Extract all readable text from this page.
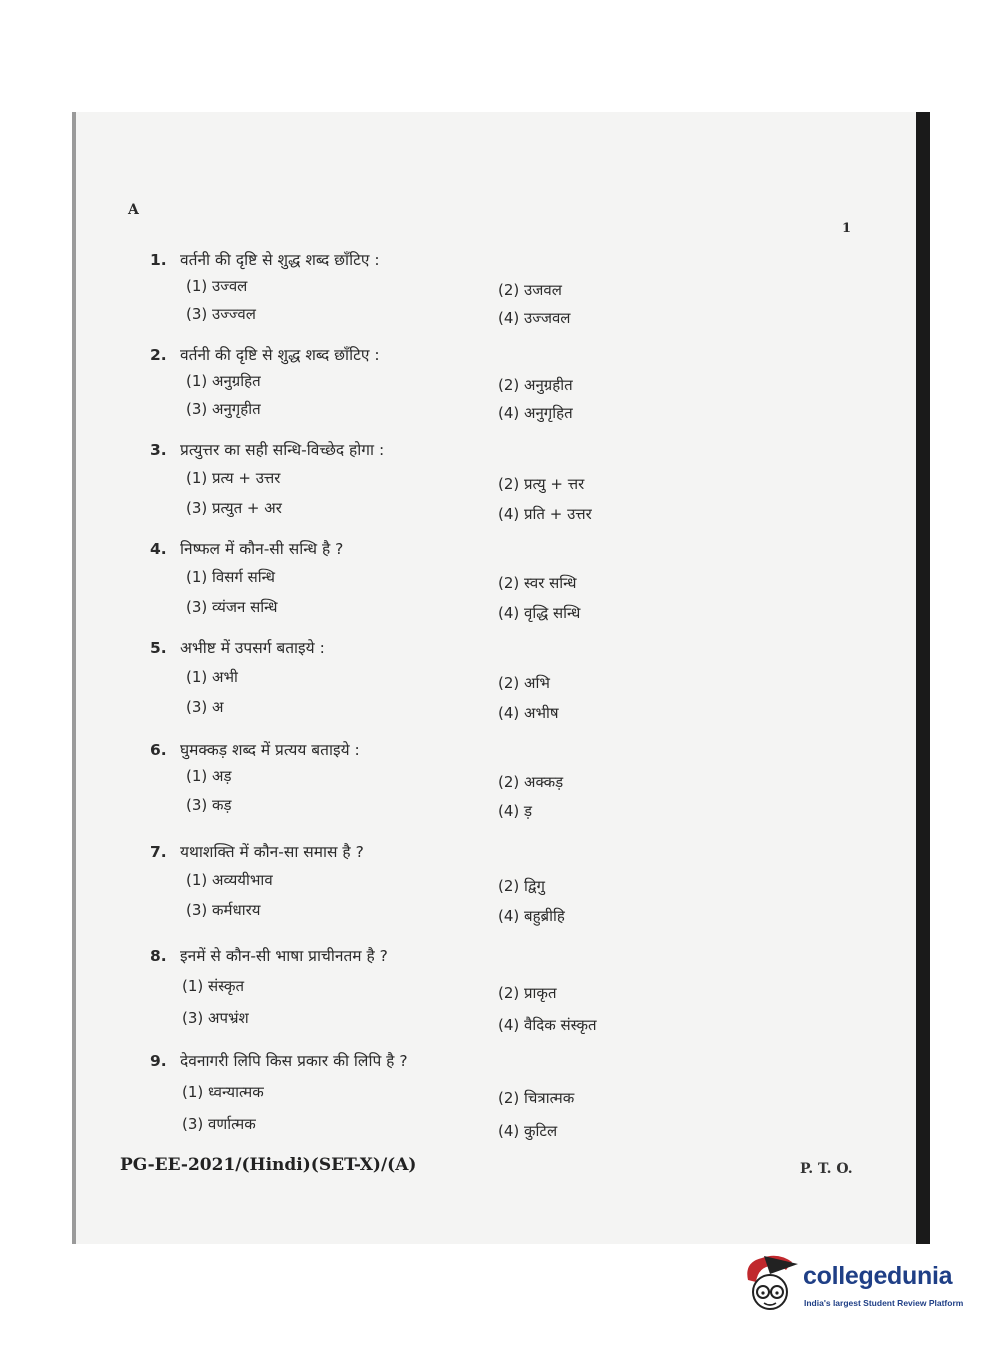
A
1
1. वर्तनी की दृष्टि से शुद्ध शब्द छाँटिए :
(1) उज्वल	(2) उजवल
(3) उज्ज्वल	(4) उज्जवल
2. वर्तनी की दृष्टि से शुद्ध शब्द छाँटिए :
(1) अनुग्रहित	(2) अनुग्रहीत
(3) अनुगृहीत	(4) अनुगृहित
3. प्रत्युत्तर का सही सन्धि-विच्छेद होगा :
(1) प्रत्य + उत्तर	(2) प्रत्यु + त्तर
(3) प्रत्युत + अर	(4) प्रति + उत्तर
4. निष्फल में कौन-सी सन्धि है ?
(1) विसर्ग सन्धि	(2) स्वर सन्धि
(3) व्यंजन सन्धि	(4) वृद्धि सन्धि
5. अभीष्ट में उपसर्ग बताइये :
(1) अभी	(2) अभि
(3) अ	(4) अभीष
6. घुमक्कड़ शब्द में प्रत्यय बताइये :
(1) अड़	(2) अक्कड़
(3) कड़	(4) ड़
7. यथाशक्ति में कौन-सा समास है ?
(1) अव्ययीभाव	(2) द्विगु
(3) कर्मधारय	(4) बहुब्रीहि
8. इनमें से कौन-सी भाषा प्राचीनतम है ?
(1) संस्कृत	(2) प्राकृत
(3) अपभ्रंश	(4) वैदिक संस्कृत
9. देवनागरी लिपि किस प्रकार की लिपि है ?
(1) ध्वन्यात्मक	(2) चित्रात्मक
(3) वर्णात्मक	(4) कुटिल
PG-EE-2021/(Hindi)(SET-X)/(A)	P. T. O.
collegedunia
India's largest Student Review Platform
